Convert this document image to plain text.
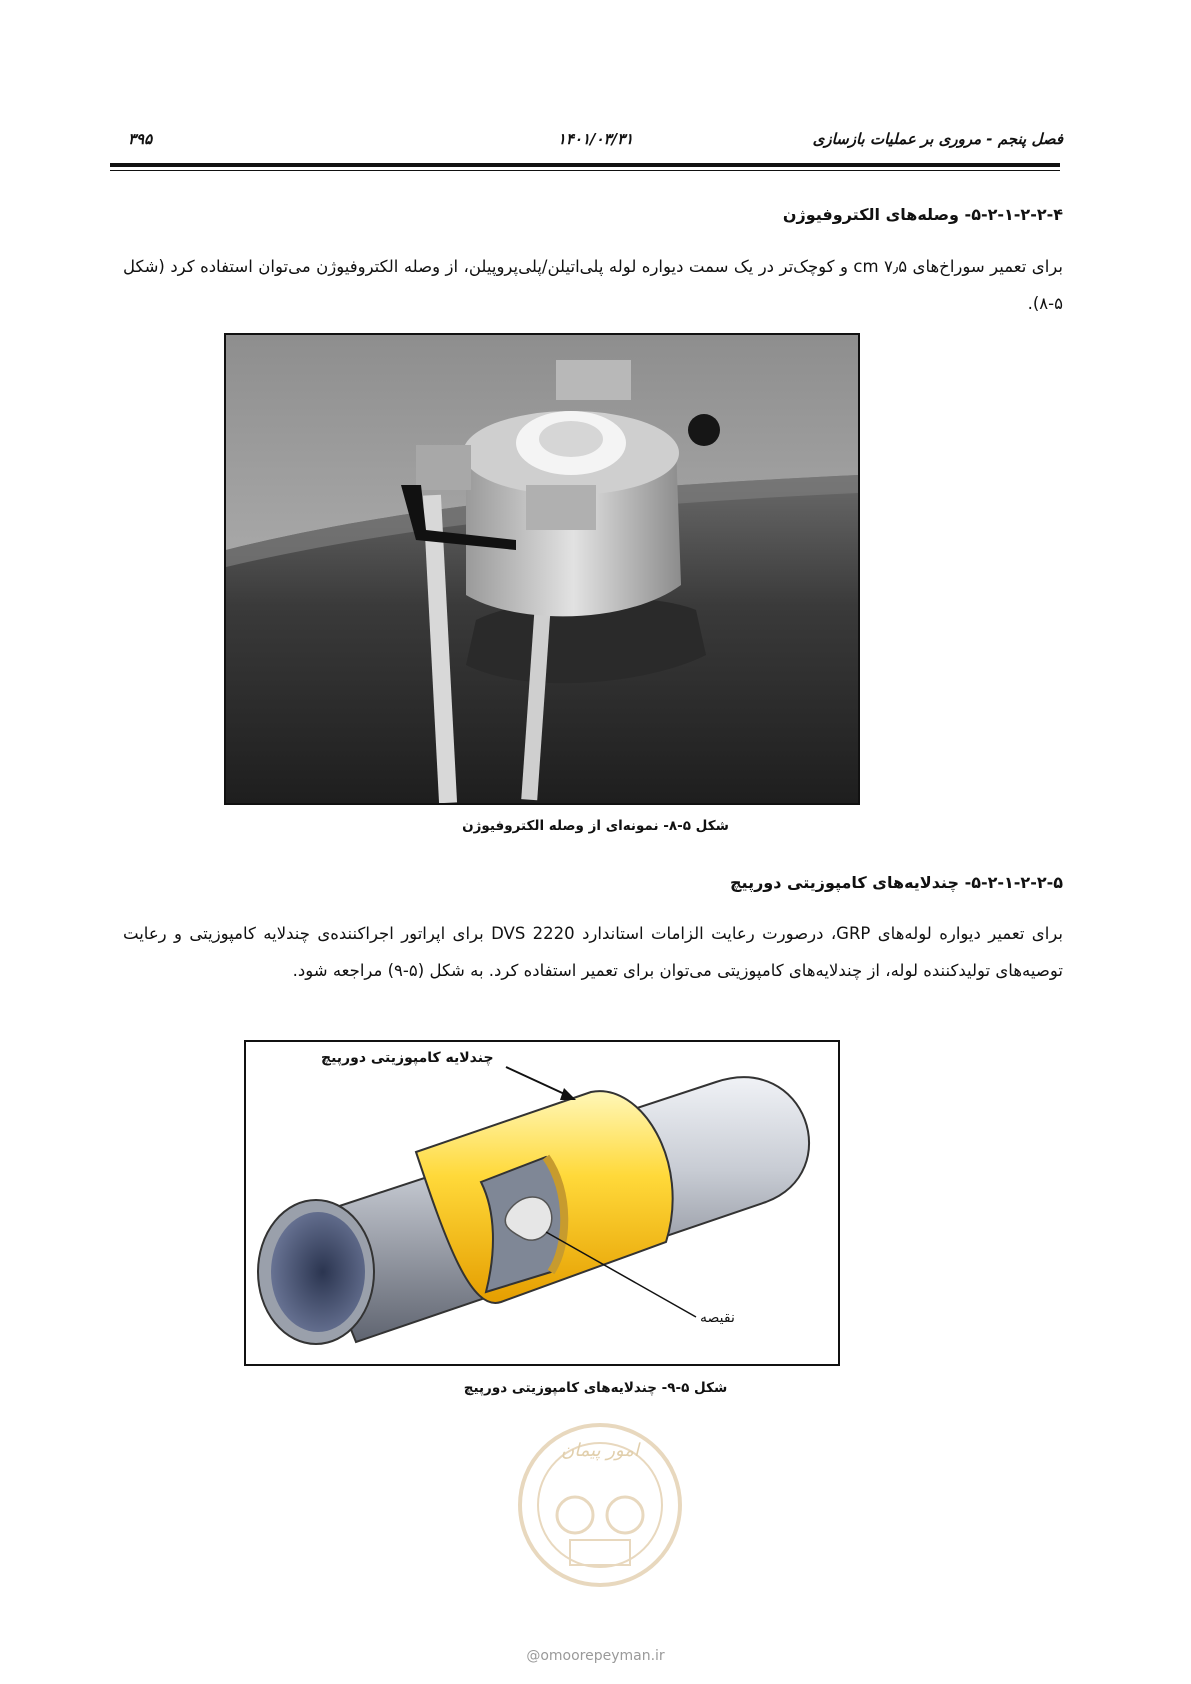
فصل پنجم - مروری بر عملیات بازسازی
۱۴۰۱/۰۳/۳۱
۳۹۵
۵-۲-۱-۲-۲-۴- وصله‌های الکتروفیوژن
برای تعمیر سوراخ‌های ۷٫۵ cm و کوچک‌تر در یک سمت دیواره لوله پلی‌اتیلن/پلی‌پروپیلن، از وصله الکتروفیوژن می‌توان استفاده کرد (شکل ۵-۸).
شکل ۵-۸- نمونه‌ای از وصله الکتروفیوژن
۵-۲-۱-۲-۲-۵- چندلایه‌های کامپوزیتی دورپیچ
برای تعمیر دیواره لوله‌های GRP، درصورت رعایت الزامات استاندارد DVS 2220 برای اپراتور اجراکننده‌ی چندلایه کامپوزیتی و رعایت توصیه‌های تولیدکننده لوله، از چندلایه‌های کامپوزیتی می‌توان برای تعمیر استفاده کرد. به شکل (۵-۹) مراجعه شود.
چندلایه کامپوزیتی دورپیچ
نقیصه
شکل ۵-۹- چندلایه‌های کامپوزیتی دورپیچ
امور پیمان
@omoorepeyman.ir
